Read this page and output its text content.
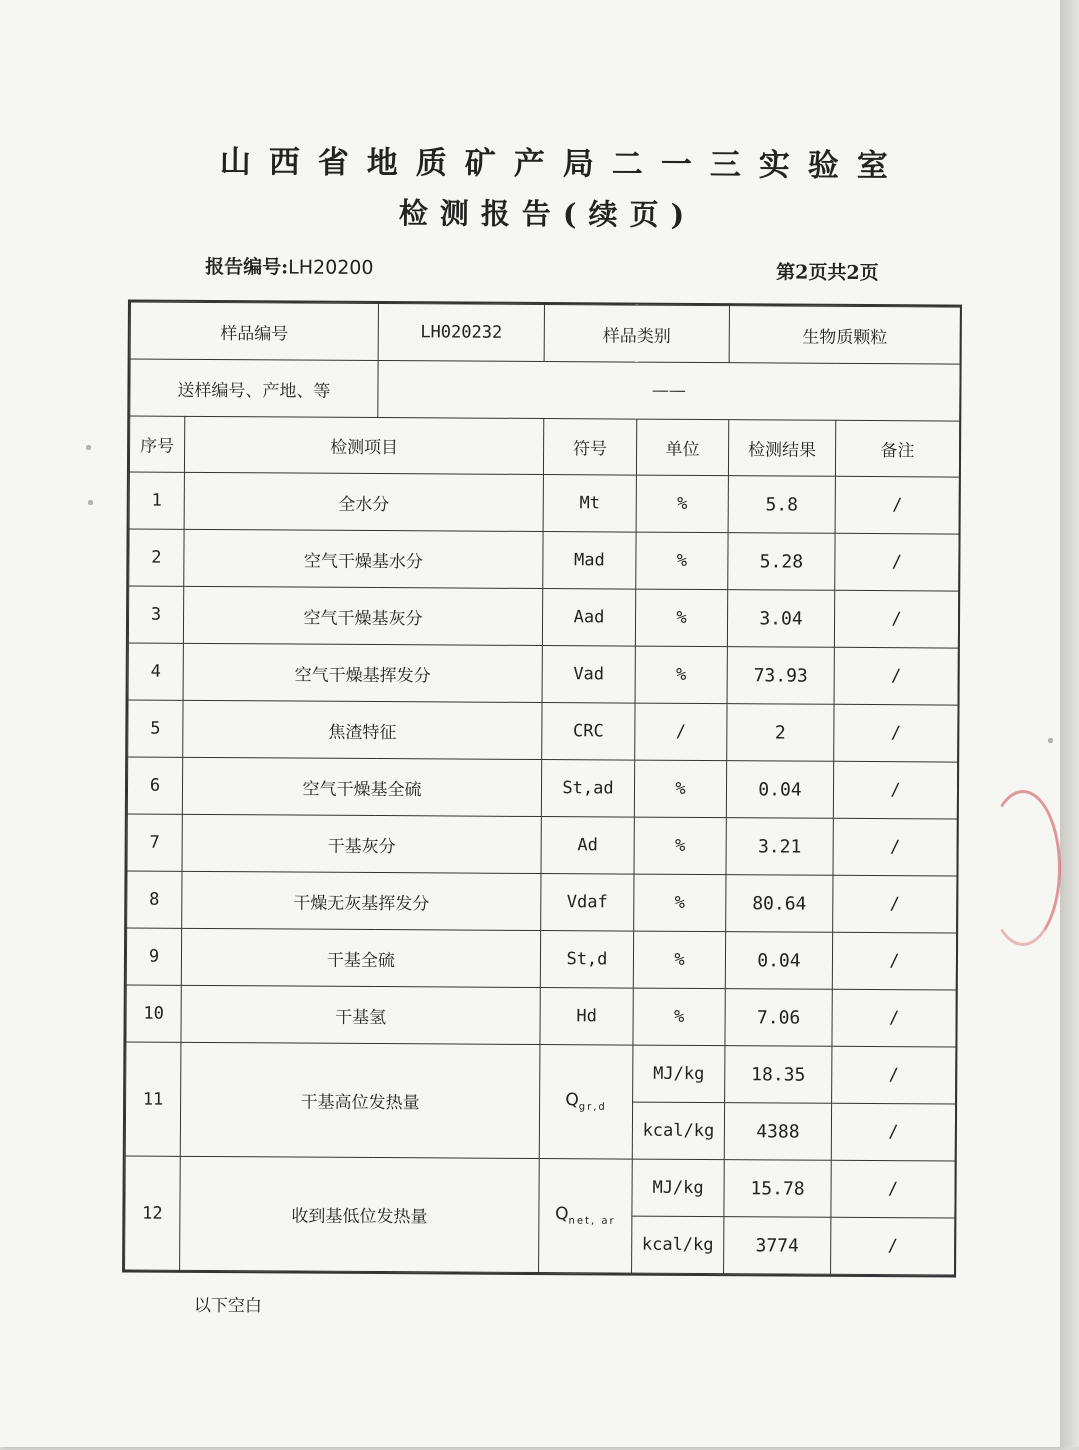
山西省地质矿产局二一三实验室
检测报告(续页)
报告编号:LH20200	第2页共2页
样品编号		LH020232	样品类别		生物质颗粒	
送样编号、产地、等		——				
序号	检测项目		符号	单位	检测结果	备注
1	全水分		Mt	%	5.8	/
2	空气干燥基水分		Mad	%	5.28	/
3	空气干燥基灰分		Aad	%	3.04	/
4	空气干燥基挥发分		Vad	%	73.93	/
5	焦渣特征		CRC	/	2	/
6	空气干燥基全硫		St,ad	%	0.04	/
7	干基灰分		Ad	%	3.21	/
8	干燥无灰基挥发分		Vdaf	%	80.64	/
9	干基全硫		St,d	%	0.04	/
10	干基氢		Hd	%	7.06	/
11	干基高位发热量		$Q_{gr,d}$	MJ/kg	18.35	/
				kcal/kg	4388	/
12	收到基低位发热量		$Q_{net, ar}$	MJ/kg	15.78	/
				kcal/kg	3774	/
以下空白
